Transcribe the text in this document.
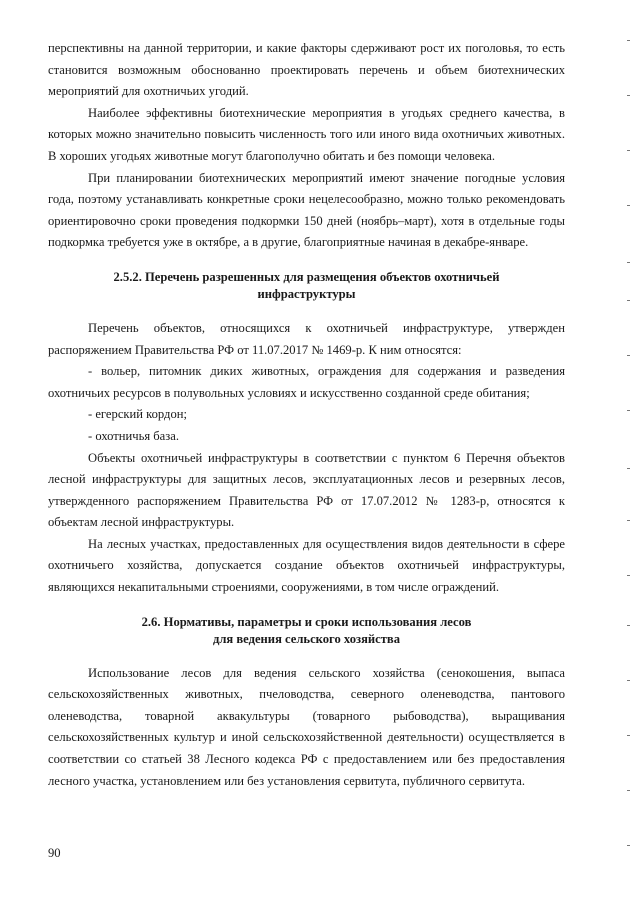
перспективны на данной территории, и какие факторы сдерживают рост их поголовья, то есть становится возможным обоснованно проектировать перечень и объем биотехнических мероприятий для охотничьих угодий.

Наиболее эффективны биотехнические мероприятия в угодьях среднего качества, в которых можно значительно повысить численность того или иного вида охотничьих животных. В хороших угодьях животные могут благополучно обитать и без помощи человека.

При планировании биотехнических мероприятий имеют значение погодные условия года, поэтому устанавливать конкретные сроки нецелесообразно, можно только рекомендовать ориентировочно сроки проведения подкормки 150 дней (ноябрь–март), хотя в отдельные годы подкормка требуется уже в октябре, а в другие, благоприятные начиная в декабре-январе.

2.5.2. Перечень разрешенных для размещения объектов охотничьей
инфраструктуры

Перечень объектов, относящихся к охотничьей инфраструктуре, утвержден распоряжением Правительства РФ от 11.07.2017 № 1469-р. К ним относятся:

- вольер, питомник диких животных, ограждения для содержания и разведения охотничьих ресурсов в полувольных условиях и искусственно созданной среде обитания;

- егерский кордон;

- охотничья база.

Объекты охотничьей инфраструктуры в соответствии с пунктом 6 Перечня объектов лесной инфраструктуры для защитных лесов, эксплуатационных лесов и резервных лесов, утвержденного распоряжением Правительства РФ от 17.07.2012 № 1283-р, относятся к объектам лесной инфраструктуры.

На лесных участках, предоставленных для осуществления видов деятельности в сфере охотничьего хозяйства, допускается создание объектов охотничьей инфраструктуры, являющихся некапитальными строениями, сооружениями, в том числе ограждений.

2.6. Нормативы, параметры и сроки использования лесов
для ведения сельского хозяйства

Использование лесов для ведения сельского хозяйства (сенокошения, выпаса сельскохозяйственных животных, пчеловодства, северного оленеводства, пантового оленеводства, товарной аквакультуры (товарного рыбоводства), выращивания сельскохозяйственных культур и иной сельскохозяйственной деятельности) осуществляется в соответствии со статьей 38 Лесного кодекса РФ с предоставлением или без предоставления лесного участка, установлением или без установления сервитута, публичного сервитута.

90
